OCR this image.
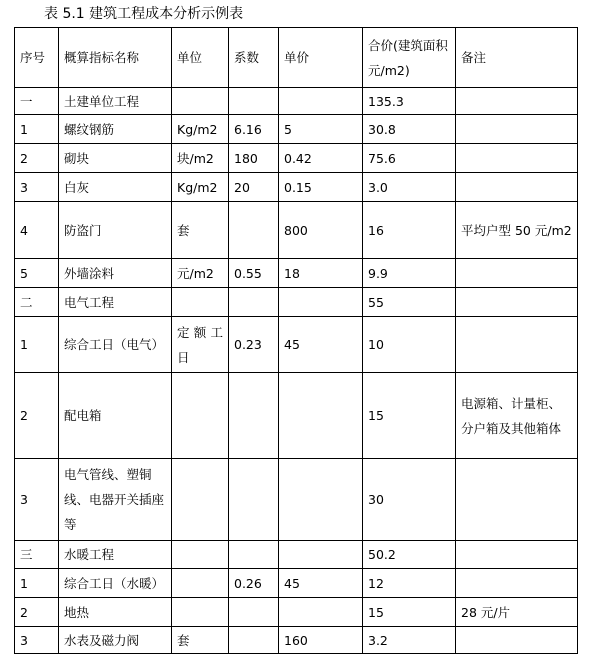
表 5.1 建筑工程成本分析示例表
序号	概算指标名称	单位	系数	单价	合价(建筑面积 元/m2)	备注
一	土建单位工程				135.3	
1	螺纹钢筋	Kg/m2	6.16	5	30.8	
2	砌块	块/m2	180	0.42	75.6	
3	白灰	Kg/m2	20	0.15	3.0	
4	防盗门	套		800	16	平均户型 50 元/m2
5	外墙涂料	元/m2	0.55	18	9.9	
二	电气工程				55	
1	综合工日（电气）	定额工日	0.23	45	10	
2	配电箱				15	电源箱、计量柜、分户箱及其他箱体
3	电气管线、塑铜线、电器开关插座等				30	
三	水暖工程				50.2	
1	综合工日（水暖）		0.26	45	12	
2	地热				15	28 元/片
3	水表及磁力阀	套		160	3.2	
